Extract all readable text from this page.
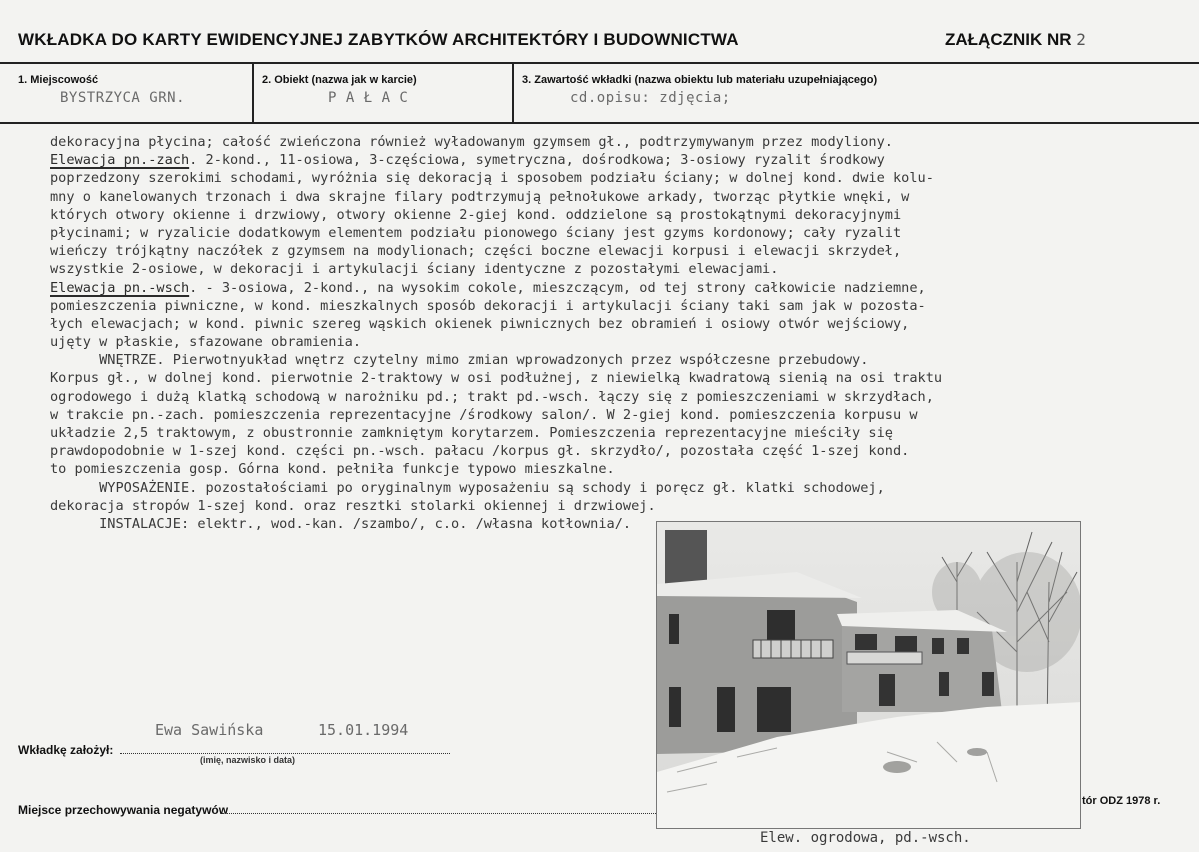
WKŁADKA DO KARTY EWIDENCYJNEJ ZABYTKÓW ARCHITEKTÓRY I BUDOWNICTWA	ZAŁĄCZNIK NR 2
1. Miejscowość
BYSTRZYCA GRN.
2. Obiekt (nazwa jak w karcie)
P A Ł A C
3. Zawartość wkładki (nazwa obiektu lub materiału uzupełniającego)
cd.opisu: zdjęcia;
dekoracyjna płycina; całość zwieńczona również wyładowanym gzymsem gł., podtrzymywanym przez modyliony.
Elewacja pn.-zach. 2-kond., 11-osiowa, 3-częściowa, symetryczna, dośrodkowa; 3-osiowy ryzalit środkowy
poprzedzony szerokimi schodami, wyróżnia się dekoracją i sposobem podziału ściany; w dolnej kond. dwie kolu-
mny o kanelowanych trzonach i dwa skrajne filary podtrzymują pełnołukowe arkady, tworząc płytkie wnęki, w
których otwory okienne i drzwiowy, otwory okienne 2-giej kond. oddzielone są prostokątnymi dekoracyjnymi
płycinami; w ryzalicie dodatkowym elementem podziału pionowego ściany jest gzyms kordonowy; cały ryzalit
wieńczy trójkątny naczółek z gzymsem na modylionach; części boczne elewacji korpusi i elewacji skrzydeł,
wszystkie 2-osiowe, w dekoracji i artykulacji ściany identyczne z pozostałymi elewacjami.
Elewacja pn.-wsch. - 3-osiowa, 2-kond., na wysokim cokole, mieszczącym, od tej strony całkowicie nadziemne,
pomieszczenia piwniczne, w kond. mieszkalnych sposób dekoracji i artykulacji ściany taki sam jak w pozosta-
łych elewacjach; w kond. piwnic szereg wąskich okienek piwnicznych bez obramień i osiowy otwór wejściowy,
ujęty w płaskie, sfazowane obramienia.
WNĘTRZE. Pierwotnyukład wnętrz czytelny mimo zmian wprowadzonych przez współczesne przebudowy.
Korpus gł., w dolnej kond. pierwotnie 2-traktowy w osi podłużnej, z niewielką kwadratową sienią na osi traktu
ogrodowego i dużą klatką schodową w narożniku pd.; trakt pd.-wsch. łączy się z pomieszczeniami w skrzydłach,
w trakcie pn.-zach. pomieszczenia reprezentacyjne /środkowy salon/. W 2-giej kond. pomieszczenia korpusu w
układzie 2,5 traktowym, z obustronnie zamkniętym korytarzem. Pomieszczenia reprezentacyjne mieściły się
prawdopodobnie w 1-szej kond. części pn.-wsch. pałacu /korpus gł. skrzydło/, pozostała część 1-szej kond.
to pomieszczenia gosp. Górna kond. pełniła funkcje typowo mieszkalne.
WYPOSAŻENIE. pozostałościami po oryginalnym wyposażeniu są schody i poręcz gł. klatki schodowej,
dekoracja stropów 1-szej kond. oraz resztki stolarki okiennej i drzwiowej.
INSTALACJE: elektr., wod.-kan. /szambo/, c.o. /własna kotłownia/.
Ewa Sawińska	15.01.1994
Wkładkę założył:
(imię, nazwisko i data)
Miejsce przechowywania negatywów
tór ODZ 1978 r.
Elew. ogrodowa, pd.-wsch.
